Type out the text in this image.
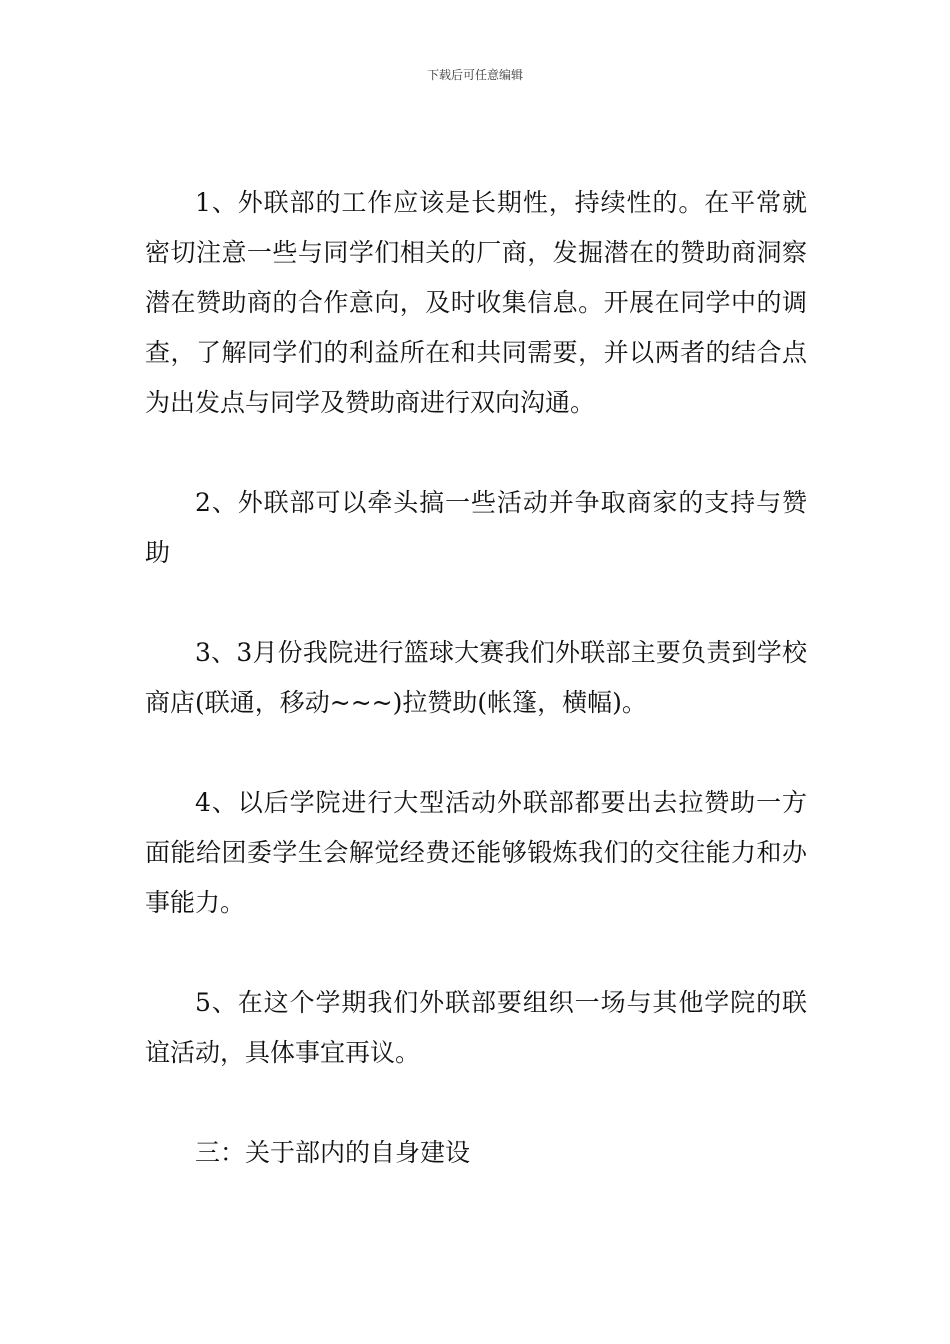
下载后可任意编辑

1、外联部的工作应该是长期性，持续性的。在平常就密切注意一些与同学们相关的厂商，发掘潜在的赞助商洞察潜在赞助商的合作意向，及时收集信息。开展在同学中的调查，了解同学们的利益所在和共同需要，并以两者的结合点为出发点与同学及赞助商进行双向沟通。

2、外联部可以牵头搞一些活动并争取商家的支持与赞助

3、3月份我院进行篮球大赛我们外联部主要负责到学校商店(联通，移动~~~)拉赞助(帐篷，横幅)。

4、以后学院进行大型活动外联部都要出去拉赞助一方面能给团委学生会解觉经费还能够锻炼我们的交往能力和办事能力。

5、在这个学期我们外联部要组织一场与其他学院的联谊活动，具体事宜再议。

三：关于部内的自身建设
